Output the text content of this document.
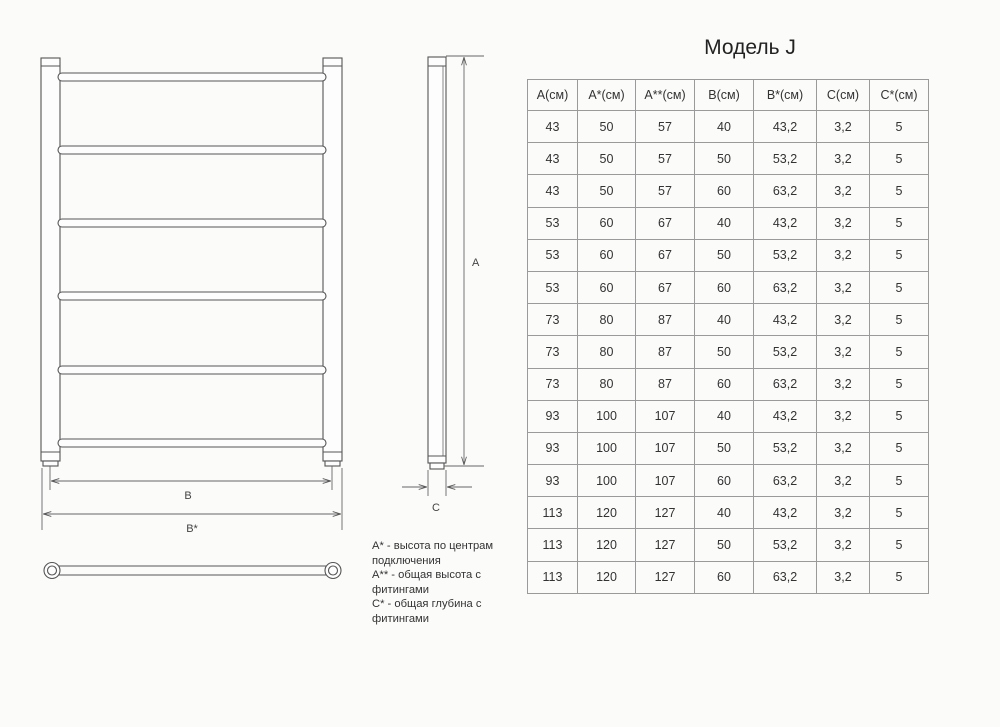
B
B*
A
C
Модель J
A(см)	A*(см)	A**(см)	B(см)	B*(см)	C(см)	C*(см)
43	50	57	40	43,2	3,2	5
43	50	57	50	53,2	3,2	5
43	50	57	60	63,2	3,2	5
53	60	67	40	43,2	3,2	5
53	60	67	50	53,2	3,2	5
53	60	67	60	63,2	3,2	5
73	80	87	40	43,2	3,2	5
73	80	87	50	53,2	3,2	5
73	80	87	60	63,2	3,2	5
93	100	107	40	43,2	3,2	5
93	100	107	50	53,2	3,2	5
93	100	107	60	63,2	3,2	5
113	120	127	40	43,2	3,2	5
113	120	127	50	53,2	3,2	5
113	120	127	60	63,2	3,2	5
A* - высота по центрам подключения
A** - общая высота с фитингами
C* - общая глубина с фитингами
